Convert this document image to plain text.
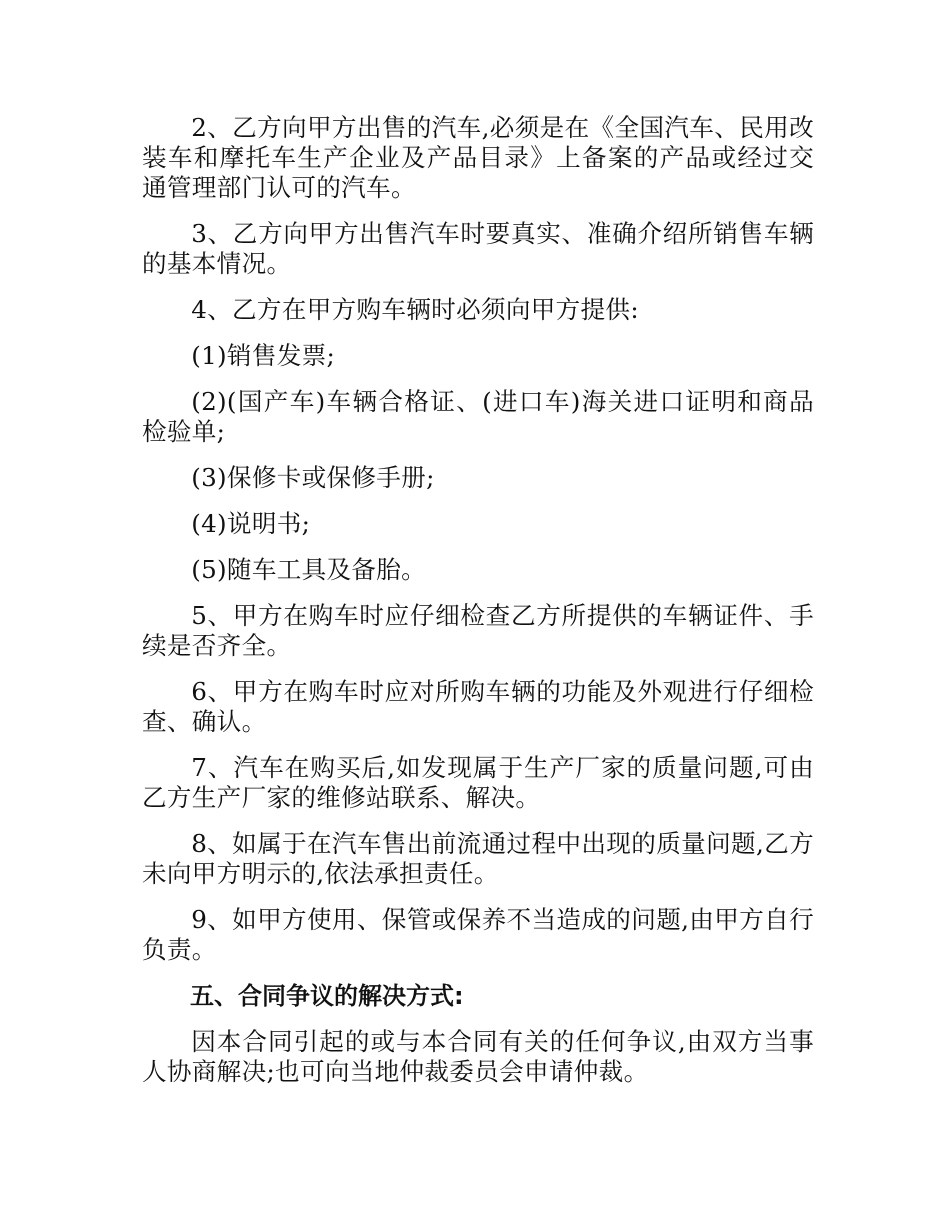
2、乙方向甲方出售的汽车,必须是在《全国汽车、民用改装车和摩托车生产企业及产品目录》上备案的产品或经过交通管理部门认可的汽车。

3、乙方向甲方出售汽车时要真实、准确介绍所销售车辆的基本情况。

4、乙方在甲方购车辆时必须向甲方提供:

(1)销售发票;

(2)(国产车)车辆合格证、(进口车)海关进口证明和商品检验单;

(3)保修卡或保修手册;

(4)说明书;

(5)随车工具及备胎。

5、甲方在购车时应仔细检查乙方所提供的车辆证件、手续是否齐全。

6、甲方在购车时应对所购车辆的功能及外观进行仔细检查、确认。

7、汽车在购买后,如发现属于生产厂家的质量问题,可由乙方生产厂家的维修站联系、解决。

8、如属于在汽车售出前流通过程中出现的质量问题,乙方未向甲方明示的,依法承担责任。

9、如甲方使用、保管或保养不当造成的问题,由甲方自行负责。

五、合同争议的解决方式:

因本合同引起的或与本合同有关的任何争议,由双方当事人协商解决;也可向当地仲裁委员会申请仲裁。
